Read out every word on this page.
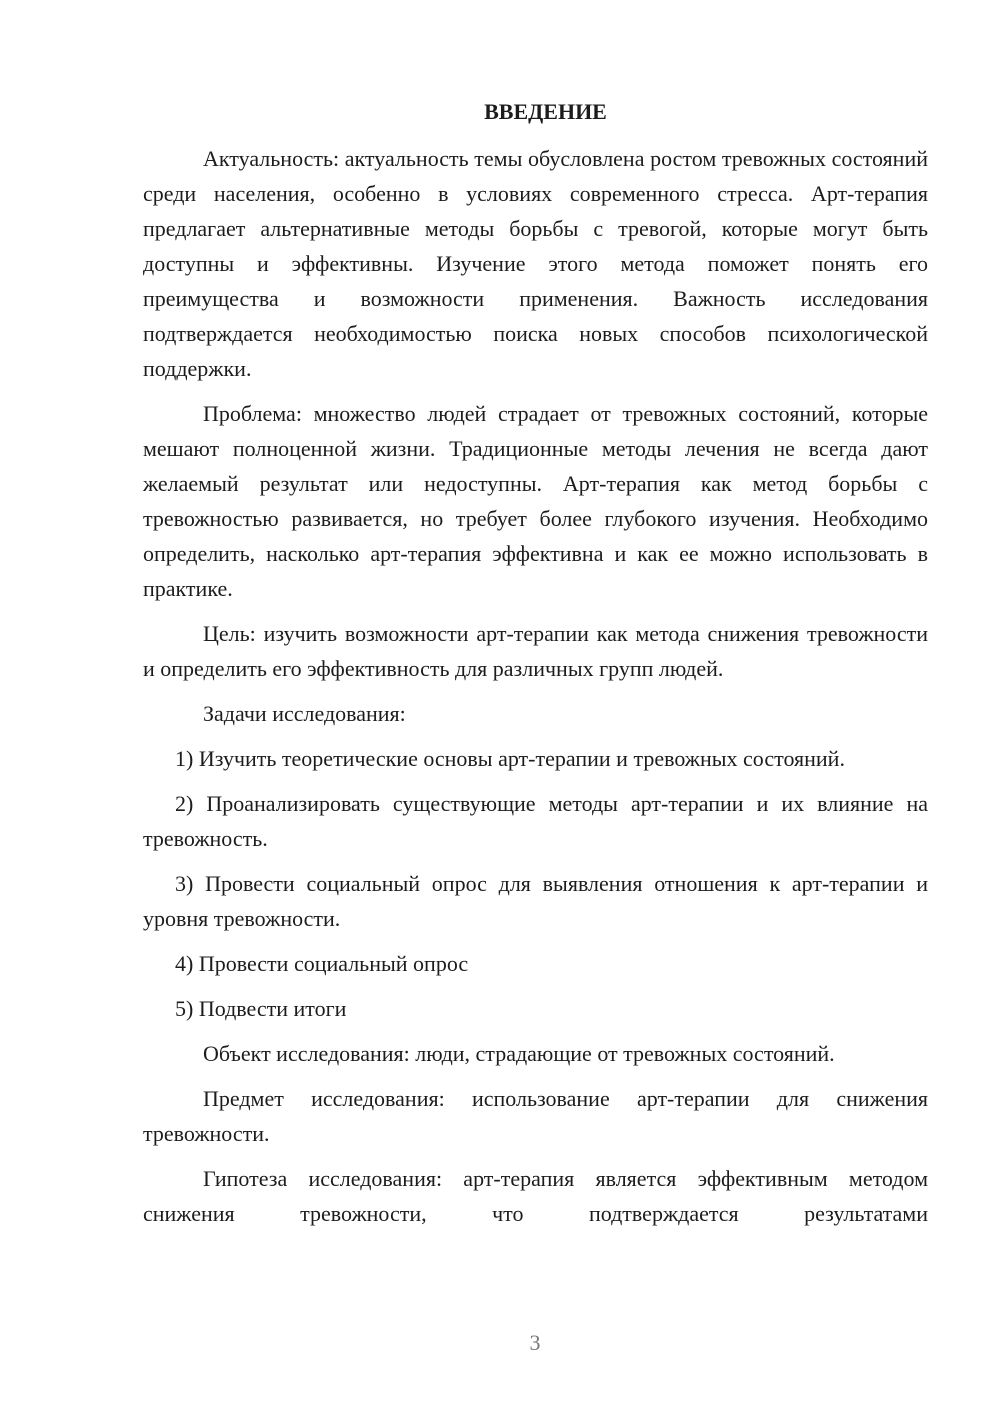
ВВЕДЕНИЕ

Актуальность: актуальность темы обусловлена ростом тревожных состояний среди населения, особенно в условиях современного стресса. Арт-терапия предлагает альтернативные методы борьбы с тревогой, которые могут быть доступны и эффективны. Изучение этого метода поможет понять его преимущества и возможности применения. Важность исследования подтверждается необходимостью поиска новых способов психологической поддержки.

Проблема: множество людей страдает от тревожных состояний, которые мешают полноценной жизни. Традиционные методы лечения не всегда дают желаемый результат или недоступны. Арт-терапия как метод борьбы с тревожностью развивается, но требует более глубокого изучения. Необходимо определить, насколько арт-терапия эффективна и как ее можно использовать в практике.

Цель: изучить возможности арт-терапии как метода снижения тревожности и определить его эффективность для различных групп людей.

Задачи исследования:

1) Изучить теоретические основы арт-терапии и тревожных состояний.

2) Проанализировать существующие методы арт-терапии и их влияние на тревожность.

3) Провести социальный опрос для выявления отношения к арт-терапии и уровня тревожности.

4) Провести социальный опрос

5) Подвести итоги

Объект исследования: люди, страдающие от тревожных состояний.

Предмет исследования: использование арт-терапии для снижения тревожности.

Гипотеза исследования: арт-терапия является эффективным методом снижения тревожности, что подтверждается результатами

3
